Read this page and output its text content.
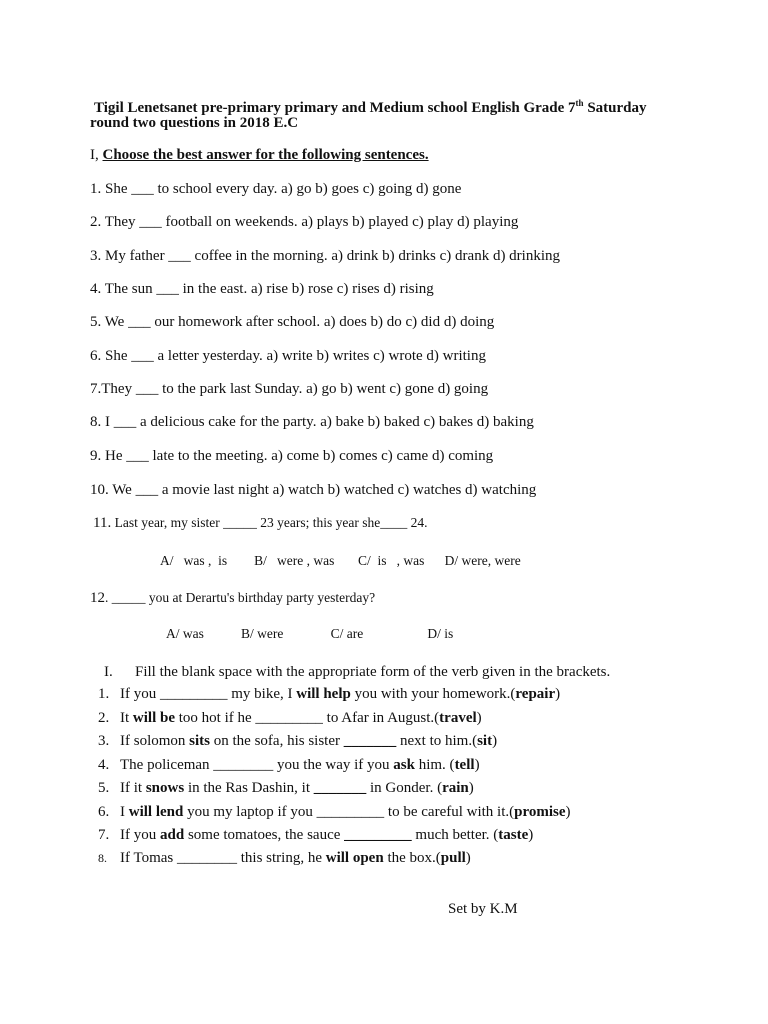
Tigil Lenetsanet pre-primary primary and Medium school English Grade 7th Saturday
round two questions in 2018 E.C
I, Choose the best answer for the following sentences.
1. She ___ to school every day. a) go b) goes c) going d) gone
2. They ___ football on weekends. a) plays b) played c) play d) playing
3. My father ___ coffee in the morning. a) drink b) drinks c) drank d) drinking
4. The sun ___ in the east. a) rise b) rose c) rises d) rising
5. We ___ our homework after school. a) does b) do c) did d) doing
6. She ___ a letter yesterday. a) write b) writes c) wrote d) writing
7.They ___ to the park last Sunday. a) go b) went c) gone d) going
8. I ___ a delicious cake for the party. a) bake b) baked c) bakes d) baking
9. He ___ late to the meeting. a) come b) comes c) came d) coming
10. We ___ a movie last night a) watch b) watched c) watches d) watching
11. Last year, my sister _____ 23 years; this year she____ 24.
A/   was ,  is        B/   were , was       C/  is   , was      D/ were, were
12. _____ you at Derartu's birthday party yesterday?
A/ was           B/ were              C/ are                   D/ is
I. Fill the blank space with the appropriate form of the verb given in the brackets.
1. If you _________ my bike, I will help you with your homework.(repair)
2. It will be too hot if he _________ to Afar in August.(travel)
3. If solomon sits on the sofa, his sister _______ next to him.(sit)
4. The policeman ________ you the way if you ask him. (tell)
5. If it snows in the Ras Dashin, it _______ in Gonder. (rain)
6. I will lend you my laptop if you _________ to be careful with it.(promise)
7. If you add some tomatoes, the sauce _________ much better. (taste)
8. If Tomas ________ this string, he will open the box.(pull)
Set by K.M
